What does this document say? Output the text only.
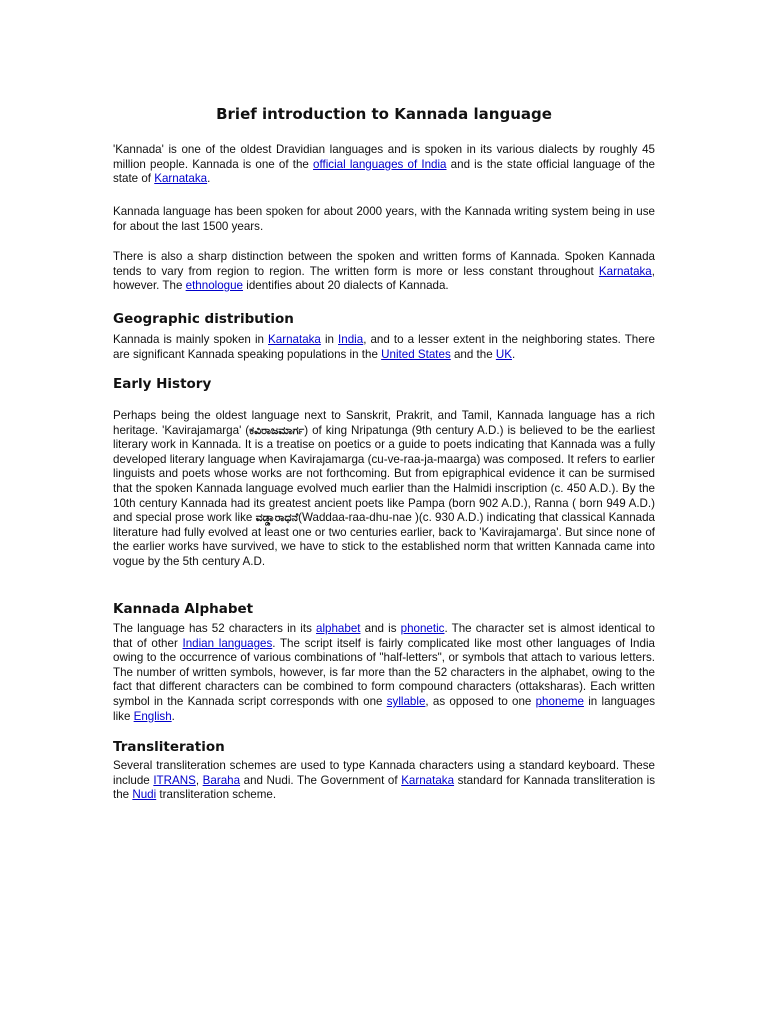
Brief introduction to Kannada language

'Kannada' is one of the oldest Dravidian languages and is spoken in its various dialects by roughly 45 million people. Kannada is one of the official languages of India and is the state official language of the state of Karnataka.

Kannada language has been spoken for about 2000 years, with the Kannada writing system being in use for about the last 1500 years.

There is also a sharp distinction between the spoken and written forms of Kannada. Spoken Kannada tends to vary from region to region. The written form is more or less constant throughout Karnataka, however. The ethnologue identifies about 20 dialects of Kannada.

Geographic distribution

Kannada is mainly spoken in Karnataka in India, and to a lesser extent in the neighboring states. There are significant Kannada speaking populations in the United States and the UK.

Early History

Perhaps being the oldest language next to Sanskrit, Prakrit, and Tamil, Kannada language has a rich heritage. 'Kavirajamarga' (ಕವಿರಾಜಮಾರ್ಗ) of king Nripatunga (9th century A.D.) is believed to be the earliest literary work in Kannada. It is a treatise on poetics or a guide to poets indicating that Kannada was a fully developed literary language when Kavirajamarga (cu-ve-raa-ja-maarga) was composed. It refers to earlier linguists and poets whose works are not forthcoming. But from epigraphical evidence it can be surmised that the spoken Kannada language evolved much earlier than the Halmidi inscription (c. 450 A.D.). By the 10th century Kannada had its greatest ancient poets like Pampa (born 902 A.D.), Ranna ( born 949 A.D.) and special prose work like ವಡ್ಡಾರಾಧನೆ(Waddaa-raa-dhu-nae )(c. 930 A.D.) indicating that classical Kannada literature had fully evolved at least one or two centuries earlier, back to 'Kavirajamarga'. But since none of the earlier works have survived, we have to stick to the established norm that written Kannada came into vogue by the 5th century A.D.

Kannada Alphabet

The language has 52 characters in its alphabet and is phonetic. The character set is almost identical to that of other Indian languages. The script itself is fairly complicated like most other languages of India owing to the occurrence of various combinations of "half-letters", or symbols that attach to various letters. The number of written symbols, however, is far more than the 52 characters in the alphabet, owing to the fact that different characters can be combined to form compound characters (ottaksharas). Each written symbol in the Kannada script corresponds with one syllable, as opposed to one phoneme in languages like English.

Transliteration

Several transliteration schemes are used to type Kannada characters using a standard keyboard. These include ITRANS, Baraha and Nudi. The Government of Karnataka standard for Kannada transliteration is the Nudi transliteration scheme.
